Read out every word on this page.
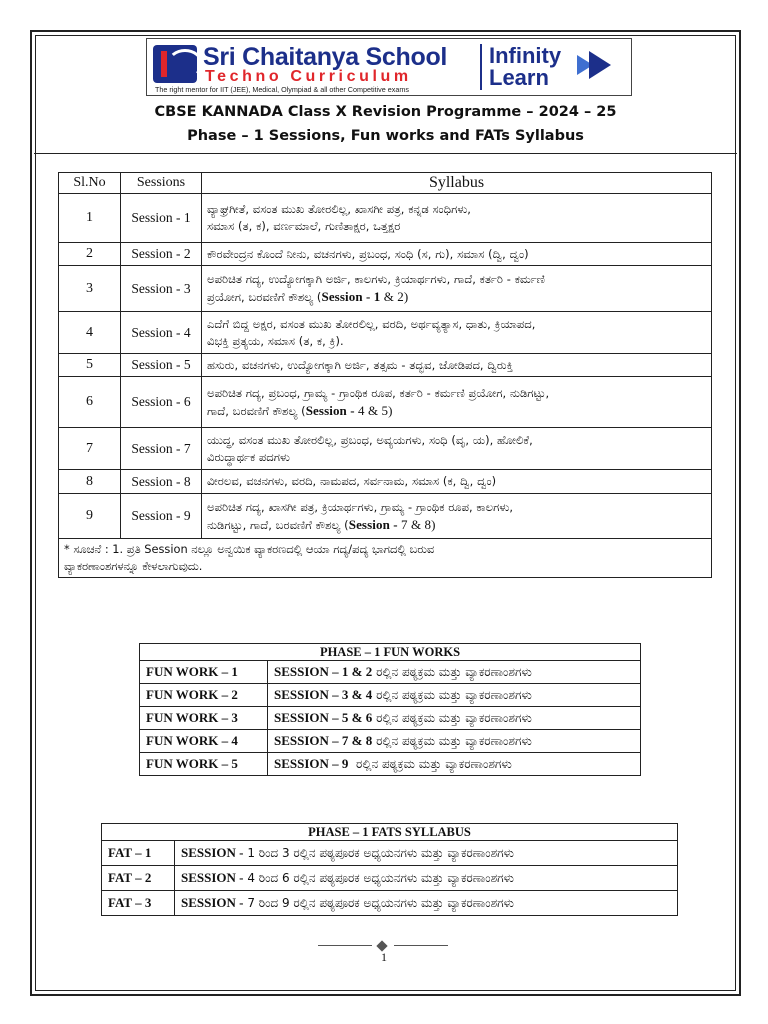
Sri Chaitanya School
Techno Curriculum
The right mentor for IIT (JEE), Medical, Olympiad & all other Competitive exams
Infinity
Learn
CBSE KANNADA Class X Revision Programme – 2024 – 25
Phase – 1 Sessions, Fun works and FATs Syllabus
Sl.No	Sessions	Syllabus
1	Session - 1	ವ್ಯಾಘ್ರಗೀತೆ, ವಸಂತ ಮುಖ ತೋರಲಿಲ್ಲ, ಖಾಸಗೀ ಪತ್ರ, ಕನ್ನಡ ಸಂಧಿಗಳು,
ಸಮಾಸ (ತ, ಕ), ವರ್ಣಮಾಲೆ, ಗುಣಿತಾಕ್ಷರ, ಒತ್ತಕ್ಷರ

2	Session - 2	ಕೌರವೇಂದ್ರನ ಕೊಂದೆ ನೀನು, ವಚನಗಳು, ಪ್ರಬಂಧ, ಸಂಧಿ (ಸ, ಗು), ಸಮಾಸ (ದ್ವಿ, ದ್ವಂ)

3	Session - 3	ಅಪರಿಚಿತ ಗದ್ಯ, ಉದ್ಯೋಗಕ್ಕಾಗಿ ಅರ್ಜಿ, ಕಾಲಗಳು, ಕ್ರಿಯಾರ್ಥಗಳು, ಗಾದೆ, ಕರ್ತರಿ - ಕರ್ಮಣಿ
ಪ್ರಯೋಗ, ಬರವಣಿಗೆ ಕೌಶಲ್ಯ (Session - 1 & 2)

4	Session - 4	ಎದೆಗೆ ಬಿದ್ದ ಅಕ್ಷರ, ವಸಂತ ಮುಖ ತೋರಲಿಲ್ಲ, ವರದಿ, ಅರ್ಥವ್ಯತ್ಯಾಸ, ಧಾತು, ಕ್ರಿಯಾಪದ,
ವಿಭಕ್ತಿ ಪ್ರತ್ಯಯ, ಸಮಾಸ (ತ, ಕ, ಕ್ರಿ).

5	Session - 5	ಹಸುರು, ವಚನಗಳು, ಉದ್ಯೋಗಕ್ಕಾಗಿ ಅರ್ಜಿ, ತತ್ಸಮ - ತದ್ಭವ, ಜೋಡಿಪದ, ದ್ವಿರುಕ್ತಿ

6	Session - 6	ಅಪರಿಚಿತ ಗದ್ಯ, ಪ್ರಬಂಧ, ಗ್ರಾಮ್ಯ - ಗ್ರಾಂಥಿಕ ರೂಪ, ಕರ್ತರಿ - ಕರ್ಮಣಿ ಪ್ರಯೋಗ, ನುಡಿಗಟ್ಟು,
ಗಾದೆ, ಬರವಣಿಗೆ ಕೌಶಲ್ಯ (Session - 4 & 5)

7	Session - 7	ಯುದ್ಧ, ವಸಂತ ಮುಖ ತೋರಲಿಲ್ಲ, ಪ್ರಬಂಧ, ಅವ್ಯಯಗಳು, ಸಂಧಿ (ವೃ, ಯ), ಹೋಲಿಕೆ,
ವಿರುದ್ಧಾರ್ಥಕ ಪದಗಳು

8	Session - 8	ವೀರಲವ, ವಚನಗಳು, ವರದಿ, ನಾಮಪದ, ಸರ್ವನಾಮ, ಸಮಾಸ (ಕ, ದ್ವಿ, ದ್ವಂ)

9	Session - 9	ಅಪರಿಚಿತ ಗದ್ಯ, ಖಾಸಗೀ ಪತ್ರ, ಕ್ರಿಯಾರ್ಥಗಳು, ಗ್ರಾಮ್ಯ - ಗ್ರಾಂಥಿಕ ರೂಪ, ಕಾಲಗಳು,
ನುಡಿಗಟ್ಟು, ಗಾದೆ, ಬರವಣಿಗೆ ಕೌಶಲ್ಯ (Session - 7 & 8)

* ಸೂಚನೆ : 1. ಪ್ರತಿ Session ನಲ್ಲೂ ಅನ್ವಯಿಕ ವ್ಯಾಕರಣದಲ್ಲಿ ಆಯಾ ಗದ್ಯ/ಪದ್ಯ ಭಾಗದಲ್ಲಿ ಬರುವ
ವ್ಯಾಕರಣಾಂಶಗಳನ್ನೂ ಕೇಳಲಾಗುವುದು.		
PHASE – 1 FUN WORKS	
FUN WORK – 1	SESSION – 1 & 2 ರಲ್ಲಿನ ಪಠ್ಯಕ್ರಮ ಮತ್ತು ವ್ಯಾಕರಣಾಂಶಗಳು
FUN WORK – 2	SESSION – 3 & 4 ರಲ್ಲಿನ ಪಠ್ಯಕ್ರಮ ಮತ್ತು ವ್ಯಾಕರಣಾಂಶಗಳು
FUN WORK – 3	SESSION – 5 & 6 ರಲ್ಲಿನ ಪಠ್ಯಕ್ರಮ ಮತ್ತು ವ್ಯಾಕರಣಾಂಶಗಳು
FUN WORK – 4	SESSION – 7 & 8 ರಲ್ಲಿನ ಪಠ್ಯಕ್ರಮ ಮತ್ತು ವ್ಯಾಕರಣಾಂಶಗಳು
FUN WORK – 5	SESSION – 9  ರಲ್ಲಿನ ಪಠ್ಯಕ್ರಮ ಮತ್ತು ವ್ಯಾಕರಣಾಂಶಗಳು
PHASE – 1 FATS SYLLABUS	
FAT – 1	SESSION - 1 ರಿಂದ 3 ರಲ್ಲಿನ ಪಠ್ಯಪೂರಕ ಅಧ್ಯಯನಗಳು ಮತ್ತು ವ್ಯಾಕರಣಾಂಶಗಳು
FAT – 2	SESSION - 4 ರಿಂದ 6 ರಲ್ಲಿನ ಪಠ್ಯಪೂರಕ ಅಧ್ಯಯನಗಳು ಮತ್ತು ವ್ಯಾಕರಣಾಂಶಗಳು
FAT – 3	SESSION - 7 ರಿಂದ 9 ರಲ್ಲಿನ ಪಠ್ಯಪೂರಕ ಅಧ್ಯಯನಗಳು ಮತ್ತು ವ್ಯಾಕರಣಾಂಶಗಳು
1
